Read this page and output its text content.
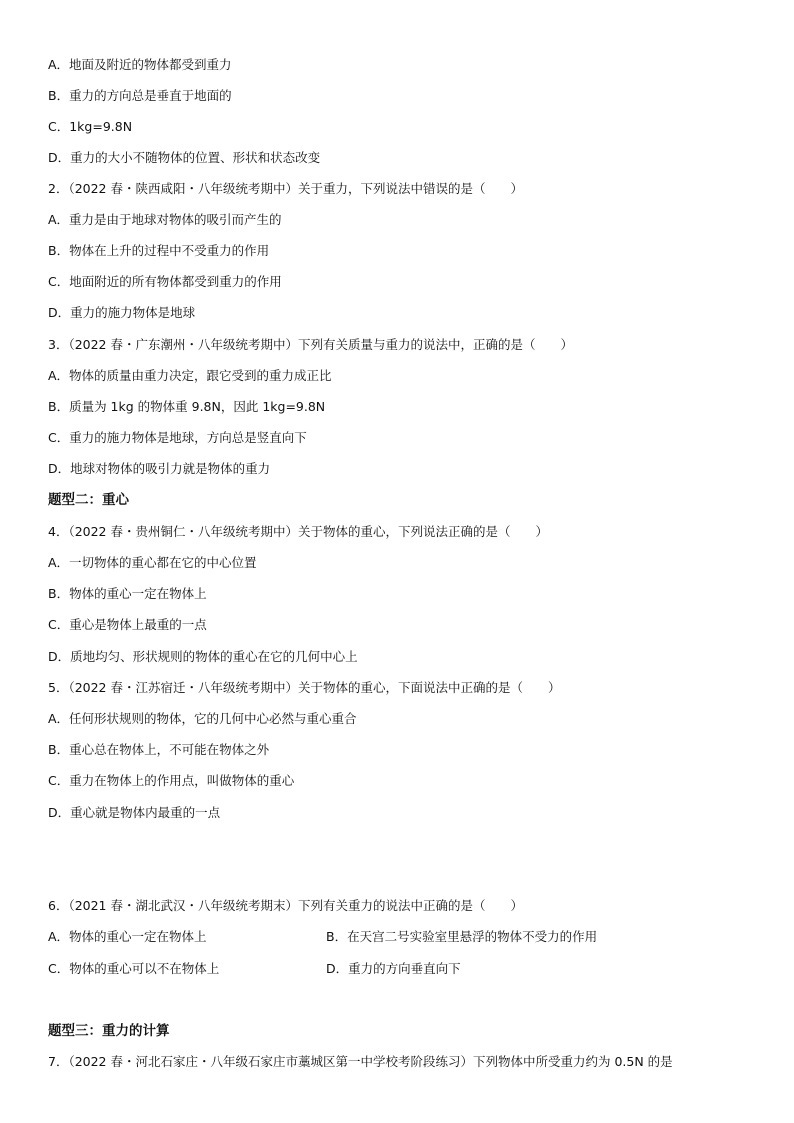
A．地面及附近的物体都受到重力
B．重力的方向总是垂直于地面的
C．1kg=9.8N
D．重力的大小不随物体的位置、形状和状态改变
2．（2022 春・陕西咸阳・八年级统考期中）关于重力，下列说法中错误的是（　　）
A．重力是由于地球对物体的吸引而产生的
B．物体在上升的过程中不受重力的作用
C．地面附近的所有物体都受到重力的作用
D．重力的施力物体是地球
3．（2022 春・广东潮州・八年级统考期中）下列有关质量与重力的说法中，正确的是（　　）
A．物体的质量由重力决定，跟它受到的重力成正比
B．质量为 1kg 的物体重 9.8N，因此 1kg=9.8N
C．重力的施力物体是地球，方向总是竖直向下
D．地球对物体的吸引力就是物体的重力
题型二：重心
4．（2022 春・贵州铜仁・八年级统考期中）关于物体的重心，下列说法正确的是（　　）
A．一切物体的重心都在它的中心位置
B．物体的重心一定在物体上
C．重心是物体上最重的一点
D．质地均匀、形状规则的物体的重心在它的几何中心上
5．（2022 春・江苏宿迁・八年级统考期中）关于物体的重心，下面说法中正确的是（　　）
A．任何形状规则的物体，它的几何中心必然与重心重合
B．重心总在物体上，不可能在物体之外
C．重力在物体上的作用点，叫做物体的重心
D．重心就是物体内最重的一点
6．（2021 春・湖北武汉・八年级统考期末）下列有关重力的说法中正确的是（　　）
A．物体的重心一定在物体上	B．在天宫二号实验室里悬浮的物体不受力的作用
C．物体的重心可以不在物体上	D．重力的方向垂直向下
题型三：重力的计算
7．（2022 春・河北石家庄・八年级石家庄市藁城区第一中学校考阶段练习）下列物体中所受重力约为 0.5N 的是
